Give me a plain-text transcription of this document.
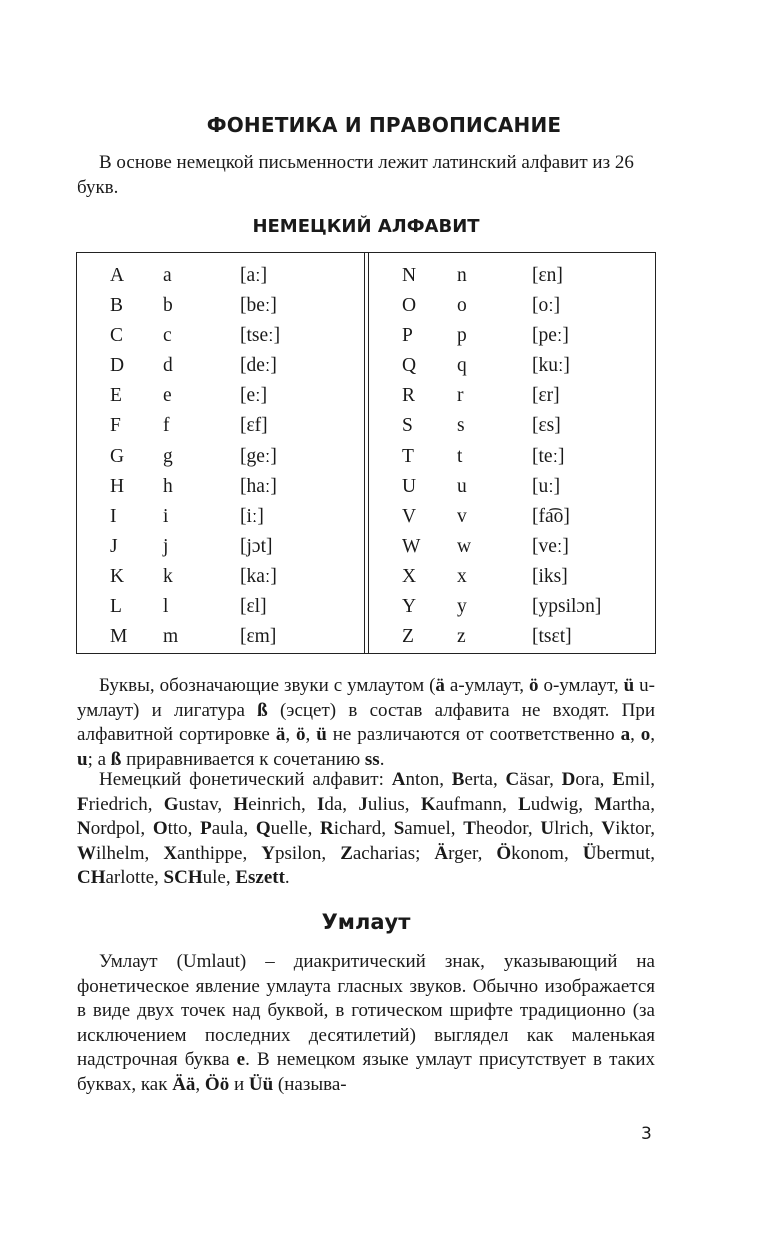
ФОНЕТИКА И ПРАВОПИСАНИЕ
В основе немецкой письменности лежит латинский алфавит из 26 букв.
НЕМЕЦКИЙ АЛФАВИТ
A a	[aː]
B b	[beː]
C c	[tseː]
D d	[deː]
E e	[eː]
F f	[ɛf]
G g	[geː]
H h	[haː]
I i	[iː]
J j	[jɔt]
K k	[kaː]
L l	[ɛl]
M m	[ɛm]
N n	[ɛn]
O o	[oː]
P p	[peː]
Q q	[kuː]
R r	[ɛr]
S s	[ɛs]
T t	[teː]
U u	[uː]
V v	[fa͡o]
W w	[veː]
X x	[iks]
Y y	[ypsilɔn]
Z z	[tsɛt]
Буквы, обозначающие звуки с умлаутом (ä a-умлаут, ö o-умлаут, ü u-умлаут) и лигатура ß (эсцет) в состав алфавита не входят. При алфавитной сортировке ä, ö, ü не различаются от соответственно a, o, u; а ß приравнивается к сочетанию ss.
Немецкий фонетический алфавит: Anton, Berta, Cäsar, Dora, Emil, Friedrich, Gustav, Heinrich, Ida, Julius, Kaufmann, Ludwig, Martha, Nordpol, Otto, Paula, Quelle, Richard, Samuel, Theodor, Ulrich, Viktor, Wilhelm, Xanthippe, Ypsilon, Zacharias; Ärger, Ökonom, Übermut, CHarlotte, SCHule, Eszett.
Умлаут
Умлаут (Umlaut) – диакритический знак, указывающий на фонетическое явление умлаута гласных звуков. Обычно изображается в виде двух точек над буквой, в готическом шрифте традиционно (за исключением последних десятилетий) выглядел как маленькая надстрочная буква e. В немецком языке умлаут присутствует в таких буквах, как Ää, Öö и Üü (называ-
3
